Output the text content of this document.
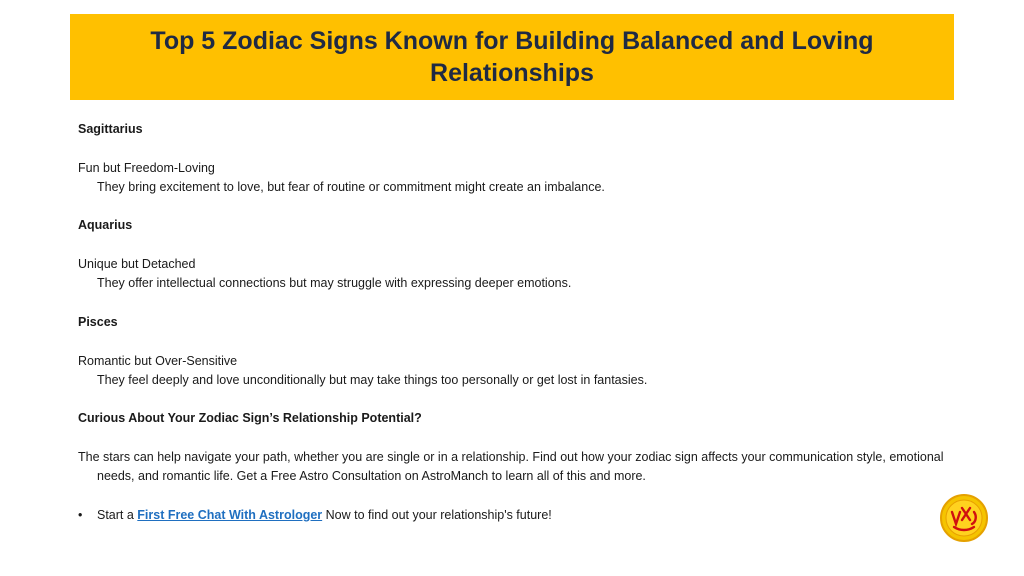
Top 5 Zodiac Signs Known for Building Balanced and Loving Relationships

Sagittarius

Fun but Freedom-Loving

They bring excitement to love, but fear of routine or commitment might create an imbalance.

Aquarius

Unique but Detached

They offer intellectual connections but may struggle with expressing deeper emotions.

Pisces

Romantic but Over-Sensitive

They feel deeply and love unconditionally but may take things too personally or get lost in fantasies.

Curious About Your Zodiac Sign’s Relationship Potential?

The stars can help navigate your path, whether you are single or in a relationship. Find out how your zodiac sign affects your communication style, emotional needs, and romantic life. Get a Free Astro Consultation on AstroManch to learn all of this and more.

• Start a First Free Chat With Astrologer Now to find out your relationship's future!
